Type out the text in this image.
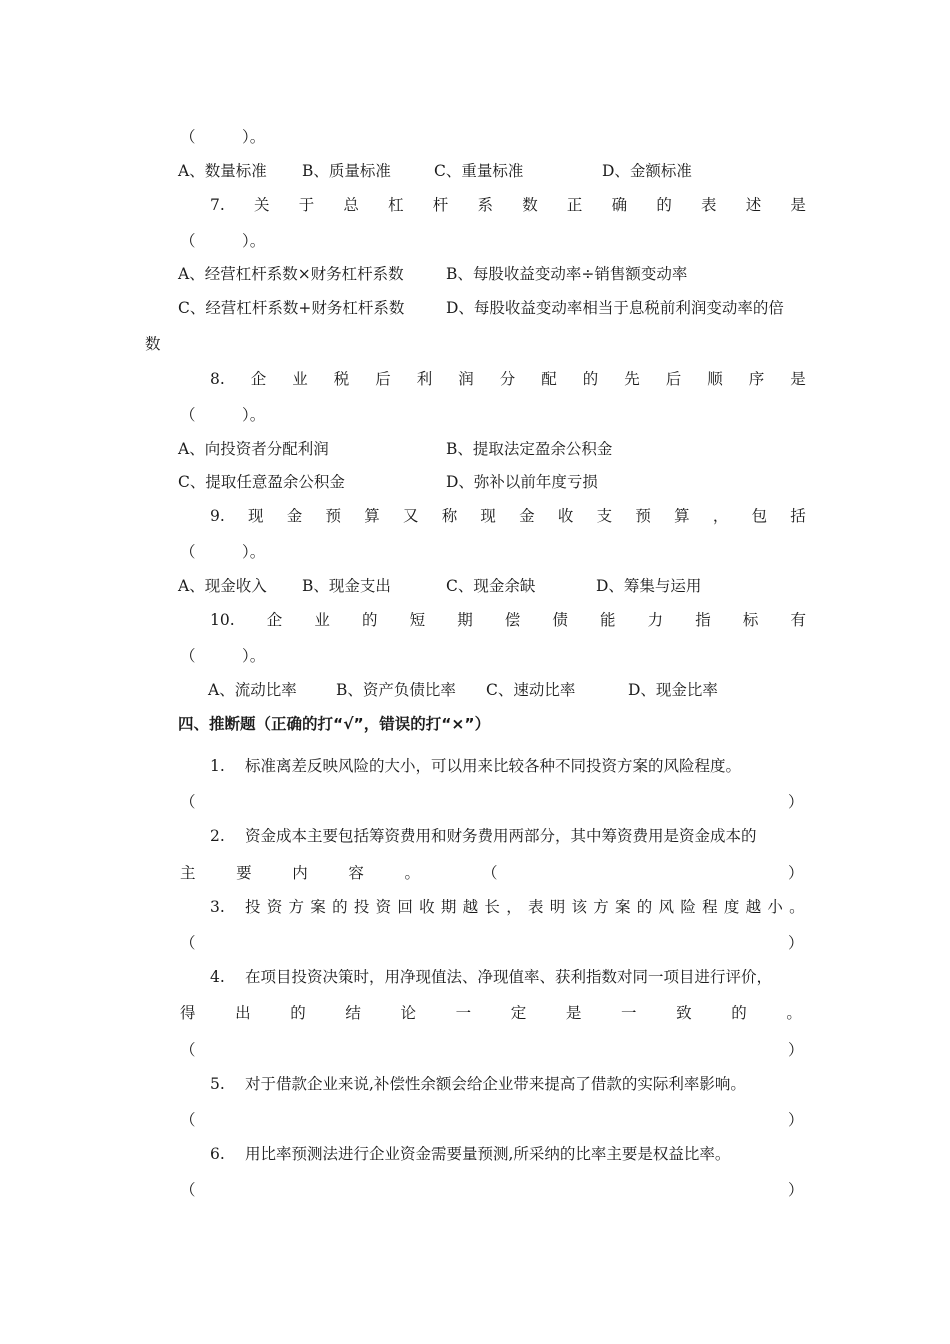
（　　　）。
A、数量标准 B、质量标准	C、重量标准	D、金额标准
7. 关 于 总 杠 杆 系 数 正 确 的 表 述 是
（　　　）。
A、经营杠杆系数×财务杠杆系数	B、每股收益变动率÷销售额变动率
C、经营杠杆系数+财务杠杆系数	D、每股收益变动率相当于息税前利润变动率的倍
数
8. 企 业 税 后 利 润 分 配 的 先 后 顺 序 是
（　　　）。
A、向投资者分配利润	B、提取法定盈余公积金
C、提取任意盈余公积金	D、弥补以前年度亏损
9. 现 金 预 算 又 称 现 金 收 支 预 算 ， 包 括
（　　　）。
A、现金收入 B、现金支出	C、现金余缺	D、筹集与运用
10. 企 业 的 短 期 偿 债 能 力 指 标 有
（　　　）。
A、流动比率	B、资产负债比率 C、速动比率	D、现金比率
四、推断题（正确的打“√”，错误的打“×”）
1. 标准离差反映风险的大小，可以用来比较各种不同投资方案的风险程度。
（	）
2. 资金成本主要包括筹资费用和财务费用两部分，其中筹资费用是资金成本的
主	要	内	容	。	（	）
3. 投 资 方 案 的 投 资 回 收 期 越 长 ， 表 明 该 方 案 的 风 险 程 度 越 小 。
（	）
4. 在项目投资决策时，用净现值法、净现值率、获利指数对同一项目进行评价，
得	出	的	结	论	一	定	是	一	致	的	。
（	）
5. 对于借款企业来说,补偿性余额会给企业带来提高了借款的实际利率影响。
（	）
6. 用比率预测法进行企业资金需要量预测,所采纳的比率主要是权益比率。
（	）
